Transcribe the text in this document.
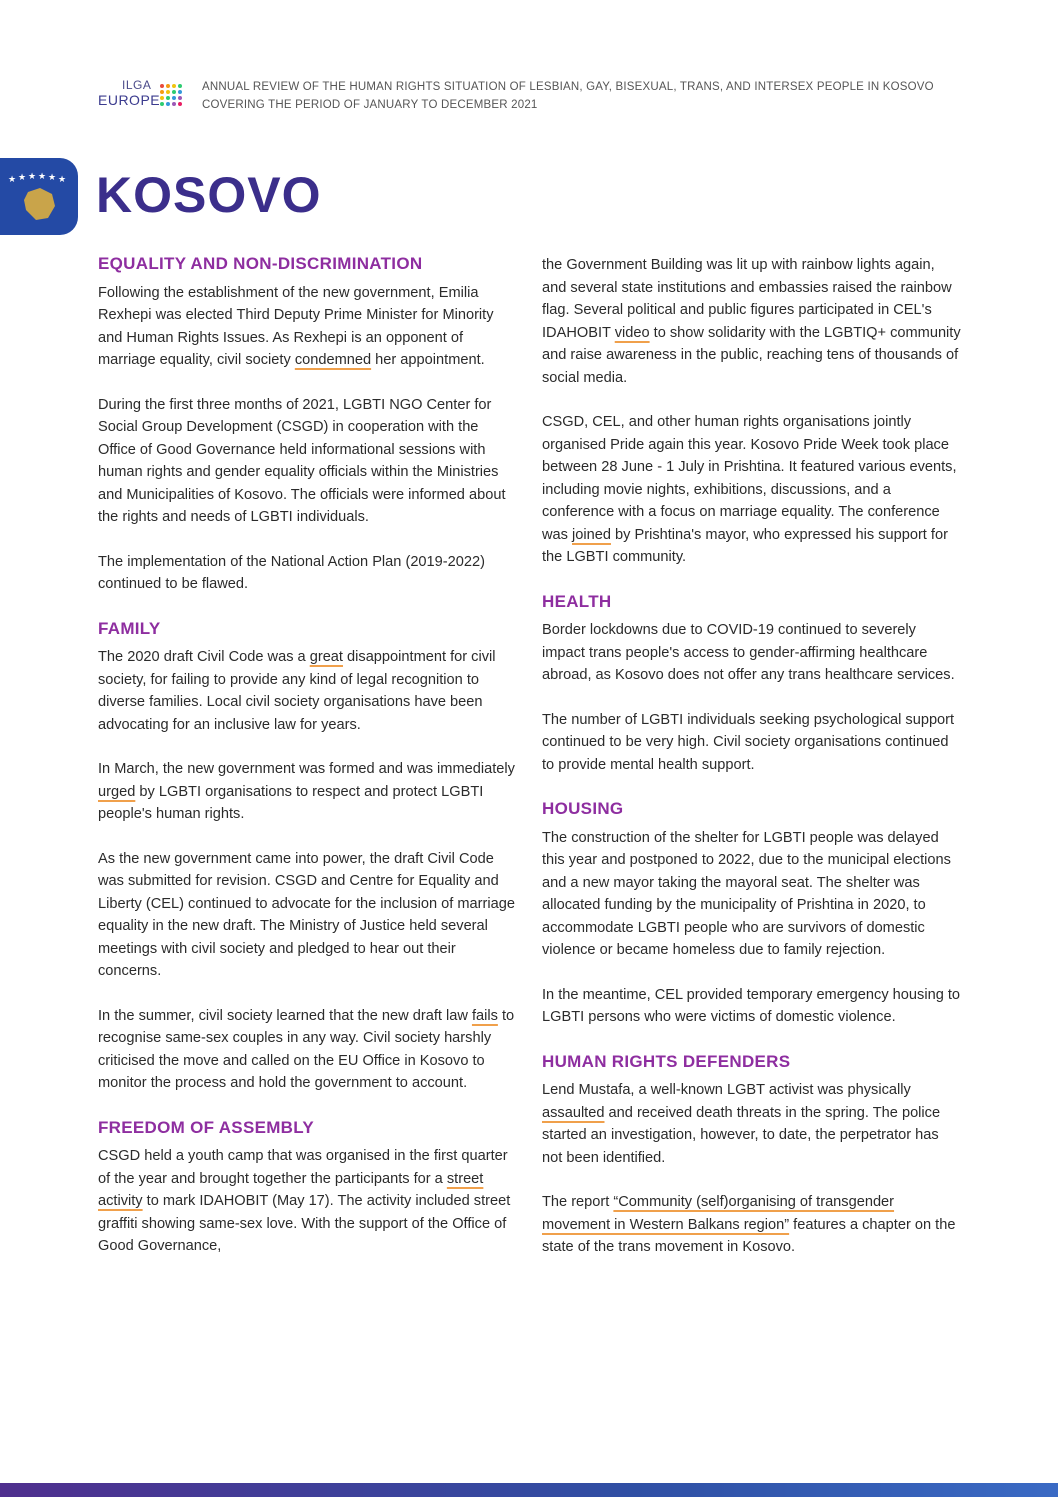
ILGA
EUROPE
ANNUAL REVIEW OF THE HUMAN RIGHTS SITUATION OF LESBIAN, GAY, BISEXUAL, TRANS, AND INTERSEX PEOPLE IN KOSOVO
COVERING THE PERIOD OF JANUARY TO DECEMBER 2021
★ ★ ★ ★ ★ ★ KOSOVO
EQUALITY AND NON-DISCRIMINATION

Following the establishment of the new government, Emilia Rexhepi was elected Third Deputy Prime Minister for Minority and Human Rights Issues. As Rexhepi is an opponent of marriage equality, civil society condemned her appointment.

During the first three months of 2021, LGBTI NGO Center for Social Group Development (CSGD) in cooperation with the Office of Good Governance held informational sessions with human rights and gender equality officials within the Ministries and Municipalities of Kosovo. The officials were informed about the rights and needs of LGBTI individuals.

The implementation of the National Action Plan (2019-2022) continued to be flawed.

FAMILY

The 2020 draft Civil Code was a great disappointment for civil society, for failing to provide any kind of legal recognition to diverse families. Local civil society organisations have been advocating for an inclusive law for years.

In March, the new government was formed and was immediately urged by LGBTI organisations to respect and protect LGBTI people's human rights.

As the new government came into power, the draft Civil Code was submitted for revision. CSGD and Centre for Equality and Liberty (CEL) continued to advocate for the inclusion of marriage equality in the new draft. The Ministry of Justice held several meetings with civil society and pledged to hear out their concerns.

In the summer, civil society learned that the new draft law fails to recognise same-sex couples in any way. Civil society harshly criticised the move and called on the EU Office in Kosovo to monitor the process and hold the government to account.

FREEDOM OF ASSEMBLY

CSGD held a youth camp that was organised in the first quarter of the year and brought together the participants for a street activity to mark IDAHOBIT (May 17). The activity included street graffiti showing same-sex love. With the support of the Office of Good Governance,

the Government Building was lit up with rainbow lights again, and several state institutions and embassies raised the rainbow flag. Several political and public figures participated in CEL's IDAHOBIT video to show solidarity with the LGBTIQ+ community and raise awareness in the public, reaching tens of thousands of social media.

CSGD, CEL, and other human rights organisations jointly organised Pride again this year. Kosovo Pride Week took place between 28 June - 1 July in Prishtina. It featured various events, including movie nights, exhibitions, discussions, and a conference with a focus on marriage equality. The conference was joined by Prishtina's mayor, who expressed his support for the LGBTI community.

HEALTH

Border lockdowns due to COVID-19 continued to severely impact trans people's access to gender-affirming healthcare abroad, as Kosovo does not offer any trans healthcare services.

The number of LGBTI individuals seeking psychological support continued to be very high. Civil society organisations continued to provide mental health support.

HOUSING

The construction of the shelter for LGBTI people was delayed this year and postponed to 2022, due to the municipal elections and a new mayor taking the mayoral seat. The shelter was allocated funding by the municipality of Prishtina in 2020, to accommodate LGBTI people who are survivors of domestic violence or became homeless due to family rejection.

In the meantime, CEL provided temporary emergency housing to LGBTI persons who were victims of domestic violence.

HUMAN RIGHTS DEFENDERS

Lend Mustafa, a well-known LGBT activist was physically assaulted and received death threats in the spring. The police started an investigation, however, to date, the perpetrator has not been identified.

The report “Community (self)organising of transgender movement in Western Balkans region” features a chapter on the state of the trans movement in Kosovo.
